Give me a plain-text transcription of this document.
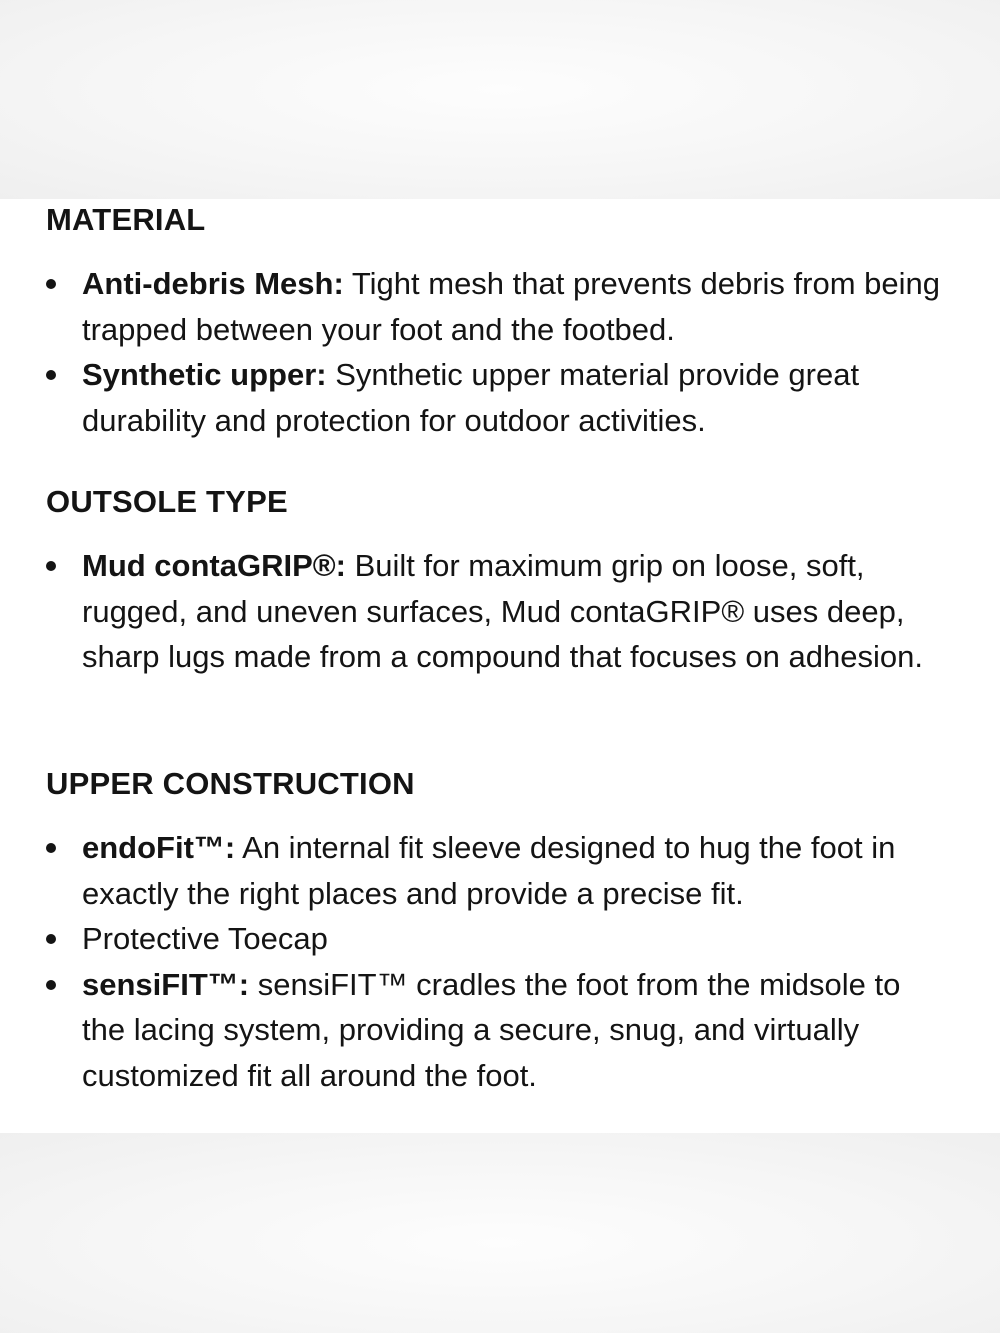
MATERIAL
Anti-debris Mesh: Tight mesh that prevents debris from being trapped between your foot and the footbed.
Synthetic upper: Synthetic upper material provide great durability and protection for outdoor activities.
OUTSOLE TYPE
Mud contaGRIP®: Built for maximum grip on loose, soft, rugged, and uneven surfaces, Mud contaGRIP® uses deep, sharp lugs made from a compound that focuses on adhesion.
UPPER CONSTRUCTION
endoFit™: An internal fit sleeve designed to hug the foot in exactly the right places and provide a precise fit.
Protective Toecap
sensiFIT™: sensiFIT™ cradles the foot from the midsole to the lacing system, providing a secure, snug, and virtually customized fit all around the foot.
